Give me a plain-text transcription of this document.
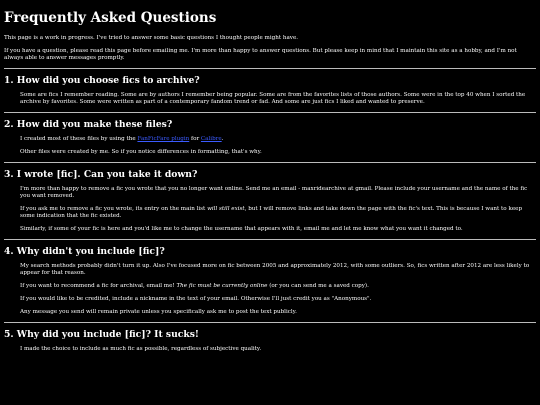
Frequently Asked Questions

This page is a work in progress. I've tried to answer some basic questions I thought people might have.

If you have a question, please read this page before emailing me. I'm more than happy to answer questions. But please keep in mind that I maintain this site as a hobby, and I'm not always able to answer messages promptly.

1. How did you choose fics to archive?

Some are fics I remember reading. Some are by authors I remember being popular. Some are from the favorites lists of those authors. Some were in the top 40 when I sorted the archive by favorites. Some were written as part of a contemporary fandom trend or fad. And some are just fics I liked and wanted to preserve.

2. How did you make these files?

I created most of these files by using the FanFicFare plugin for Calibre.

Other files were created by me. So if you notice differences in formatting, that's why.

3. I wrote [fic]. Can you take it down?

I'm more than happy to remove a fic you wrote that you no longer want online. Send me an email - maxridearchive at gmail. Please include your username and the name of the fic you want removed.

If you ask me to remove a fic you wrote, its entry on the main list will still exist, but I will remove links and take down the page with the fic's text. This is because I want to keep some indication that the fic existed.

Similarly, if some of your fic is here and you'd like me to change the username that appears with it, email me and let me know what you want it changed to.

4. Why didn't you include [fic]?

My search methods probably didn't turn it up. Also I've focused more on fic between 2005 and approximately 2012, with some outliers. So, fics written after 2012 are less likely to appear for that reason.

If you want to recommend a fic for archival, email me! The fic must be currently online (or you can send me a saved copy).

If you would like to be credited, include a nickname in the text of your email. Otherwise I'll just credit you as "Anonymous".

Any message you send will remain private unless you specifically ask me to post the text publicly.

5. Why did you include [fic]? It sucks!

I made the choice to include as much fic as possible, regardless of subjective quality.
